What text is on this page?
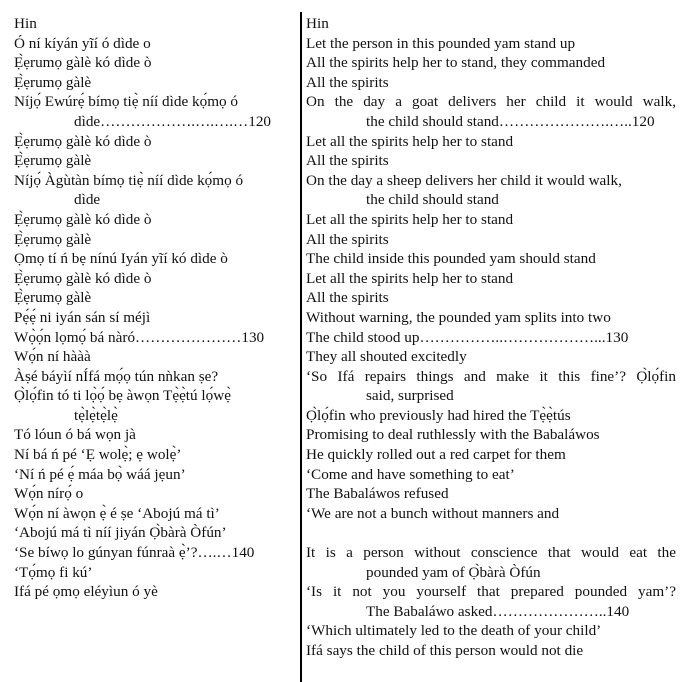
Hin
Ó ní kíyán yĩí ó dìde o
Ẹ̀ẹrumọ gàlè kó dìde ò
Ẹ̀ẹrumọ gàlè
Níjọ́ Ewúrẹ́ bímọ tiẹ̀ níí dìde kọ́mọ ó
dìde……………….….….…120
Ẹ̀ẹrumọ gàlè kó dìde ò
Ẹ̀ẹrumọ gàlè
Níjọ́ Àgùtàn bímọ tiẹ̀ níí dìde kọ́mọ ó
dìde
Ẹ̀ẹrumọ gàlè kó dìde ò
Ẹ̀ẹrumọ gàlè
Ọmọ tí ń bẹ nínú Iyán yĩí kó dìde ò
Ẹ̀ẹrumọ gàlè kó dìde ò
Ẹ̀ẹrumọ gàlè
Pẹ́ẹ́ ni iyán sán sí méjì
Wọ̀ọ́n lọmọ́ bá nàró…………………130
Wọ́n ní hààà
Àṣé báyìí nÍfá mọ́ọ tún nǹkan ṣe?
Ọ̀lọ́fin tó ti lọ̀ọ́ bẹ àwọn Tẹ̀ẹ̀tú lọ́wẹ̀
tẹ̀lẹ̀tẹ̀lẹ̀
Tó lóun ó bá wọn jà
Ní bá ń pé ‘Ẹ wolẹ̀; ẹ wolẹ̀’
‘Ní ń pé ẹ́ máa bọ̀ wáá jẹun’
Wọ́n nírọ́ o
Wọ́n ní àwọn ẹ̀ é ṣe ‘Abojú má tì’
‘Abojú má tì níí jiyán Ọ̀bàrà Òfún’
‘Se bíwọ lo gúnyan fúnraà ẹ̀’?….…140
‘Tọ́mọ fi kú’
Ifá pé ọmọ eléyìun ó yè
Hin
Let the person in this pounded yam stand up
All the spirits help her to stand, they commanded
All the spirits
On the day a goat delivers her child it would walk,
the child should stand………………….…..120
Let all the spirits help her to stand
All the spirits
On the day a sheep delivers her child it would walk,
the child should stand
Let all the spirits help her to stand
All the spirits
The child inside this pounded yam should stand
Let all the spirits help her to stand
All the spirits
Without warning, the pounded yam splits into two
The child stood up……………..………………...130
They all shouted excitedly
‘So Ifá repairs things and make it this fine’? Ọ̀lọ́fin
said, surprised
Ọ̀lọ́fin who previously had hired the Tẹ̀ẹ̀tús
Promising to deal ruthlessly with the Babaláwos
He quickly rolled out a red carpet for them
‘Come and have something to eat’
The Babaláwos refused
‘We are not a bunch without manners and
It is a person without conscience that would eat the
pounded yam of Ọ̀bàrà Òfún
‘Is it not you yourself that prepared pounded yam’?
The Babaláwo asked…………………..140
‘Which ultimately led to the death of your child’
Ifá says the child of this person would not die
